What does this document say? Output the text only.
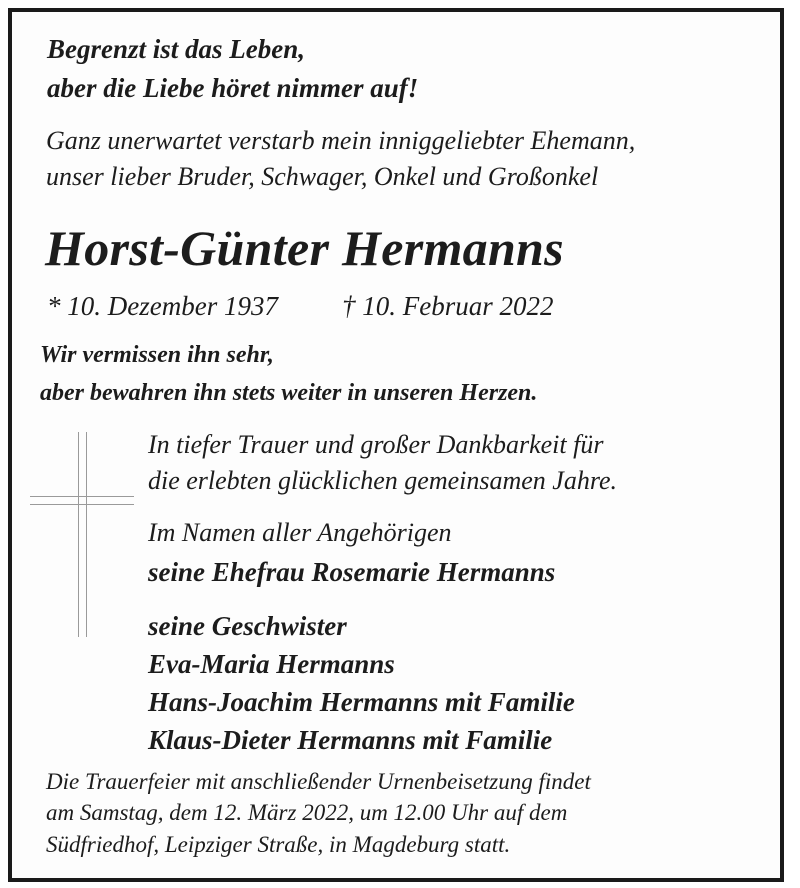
Begrenzt ist das Leben,

aber die Liebe höret nimmer auf!

Ganz unerwartet verstarb mein inniggeliebter Ehemann,

unser lieber Bruder, Schwager, Onkel und Großonkel

Horst-Günter Hermanns

* 10. Dezember 1937 † 10. Februar 2022

Wir vermissen ihn sehr,

aber bewahren ihn stets weiter in unseren Herzen.

In tiefer Trauer und großer Dankbarkeit für

die erlebten glücklichen gemeinsamen Jahre.

Im Namen aller Angehörigen

seine Ehefrau Rosemarie Hermanns

seine Geschwister

Eva-Maria Hermanns

Hans-Joachim Hermanns mit Familie

Klaus-Dieter Hermanns mit Familie

Die Trauerfeier mit anschließender Urnenbeisetzung findet

am Samstag, dem 12. März 2022, um 12.00 Uhr auf dem

Südfriedhof, Leipziger Straße, in Magdeburg statt.
